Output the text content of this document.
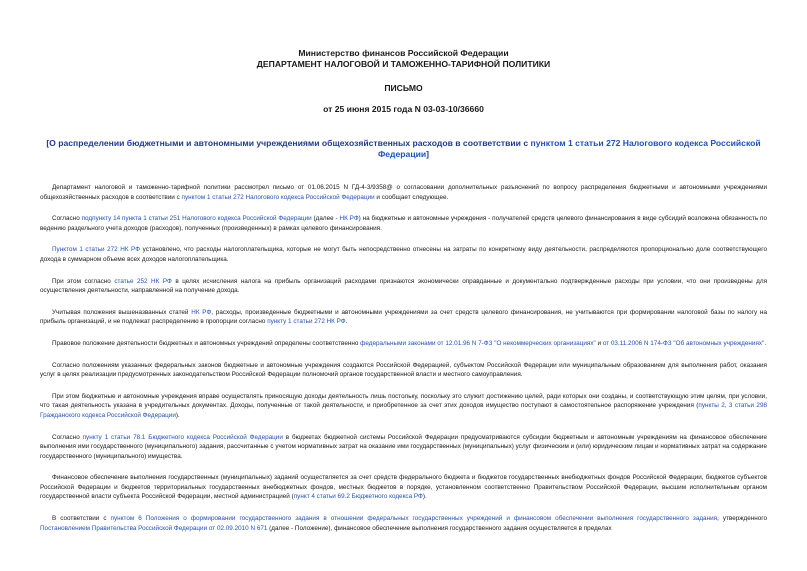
Министерство финансов Российской Федерации
ДЕПАРТАМЕНТ НАЛОГОВОЙ И ТАМОЖЕННО-ТАРИФНОЙ ПОЛИТИКИ
ПИСЬМО
от 25 июня 2015 года N 03-03-10/36660
[О распределении бюджетными и автономными учреждениями общехозяйственных расходов в соответствии с пунктом 1 статьи 272 Налогового кодекса Российской Федерации]

Департамент налоговой и таможенно-тарифной политики рассмотрел письмо от 01.06.2015 N ГД-4-3/9358@ о согласовании дополнительных разъяснений по вопросу распределения бюджетными и автономными учреждениями общехозяйственных расходов в соответствии с пунктом 1 статьи 272 Налогового кодекса Российской Федерации и сообщает следующее.

Согласно подпункту 14 пункта 1 статьи 251 Налогового кодекса Российской Федерации (далее - НК РФ) на бюджетные и автономные учреждения - получателей средств целевого финансирования в виде субсидий возложена обязанность по ведению раздельного учета доходов (расходов), полученных (произведенных) в рамках целевого финансирования.

Пунктом 1 статьи 272 НК РФ установлено, что расходы налогоплательщика, которые не могут быть непосредственно отнесены на затраты по конкретному виду деятельности, распределяются пропорционально доле соответствующего дохода в суммарном объеме всех доходов налогоплательщика.

При этом согласно статье 252 НК РФ в целях исчисления налога на прибыль организаций расходами признаются экономически оправданные и документально подтвержденные расходы при условии, что они произведены для осуществления деятельности, направленной на получение дохода.

Учитывая положения вышеназванных статей НК РФ, расходы, произведенные бюджетными и автономными учреждениями за счет средств целевого финансирования, не учитываются при формировании налоговой базы по налогу на прибыль организаций, и не подлежат распределению в пропорции согласно пункту 1 статьи 272 НК РФ.

Правовое положение деятельности бюджетных и автономных учреждений определены соответственно федеральными законами от 12.01.96 N 7-ФЗ "О некоммерческих организациях" и от 03.11.2006 N 174-ФЗ "Об автономных учреждениях".

Согласно положениям указанных федеральных законов бюджетные и автономные учреждения создаются Российской Федерацией, субъектом Российской Федерации или муниципальным образованием для выполнения работ, оказания услуг в целях реализации предусмотренных законодательством Российской Федерации полномочий органов государственной власти и местного самоуправления.

При этом бюджетные и автономные учреждения вправе осуществлять приносящую доходы деятельность лишь постольку, поскольку это служит достижению целей, ради которых они созданы, и соответствующую этим целям, при условии, что такая деятельность указана в учредительных документах. Доходы, полученные от такой деятельности, и приобретенное за счет этих доходов имущество поступают в самостоятельное распоряжение учреждения (пункты 2, 3 статьи 298 Гражданского кодекса Российской Федерации).

Согласно пункту 1 статьи 78.1 Бюджетного кодекса Российской Федерации в бюджетах бюджетной системы Российской Федерации предусматриваются субсидии бюджетным и автономным учреждениям на финансовое обеспечение выполнения ими государственного (муниципального) задания, рассчитанные с учетом нормативных затрат на оказание ими государственных (муниципальных) услуг физическим и (или) юридическим лицам и нормативных затрат на содержание государственного (муниципального) имущества.

Финансовое обеспечение выполнения государственных (муниципальных) заданий осуществляется за счет средств федерального бюджета и бюджетов государственных внебюджетных фондов Российской Федерации, бюджетов субъектов Российской Федерации и бюджетов территориальных государственных внебюджетных фондов, местных бюджетов в порядке, установленном соответственно Правительством Российской Федерации, высшим исполнительным органом государственной власти субъекта Российской Федерации, местной администрацией (пункт 4 статьи 69.2 Бюджетного кодекса РФ).

В соответствии с пунктом 6 Положения о формировании государственного задания в отношении федеральных государственных учреждений и финансовом обеспечении выполнения государственного задания, утвержденного Постановлением Правительства Российской Федерации от 02.09.2010 N 671 (далее - Положение), финансовое обеспечение выполнения государственного задания осуществляется в пределах
